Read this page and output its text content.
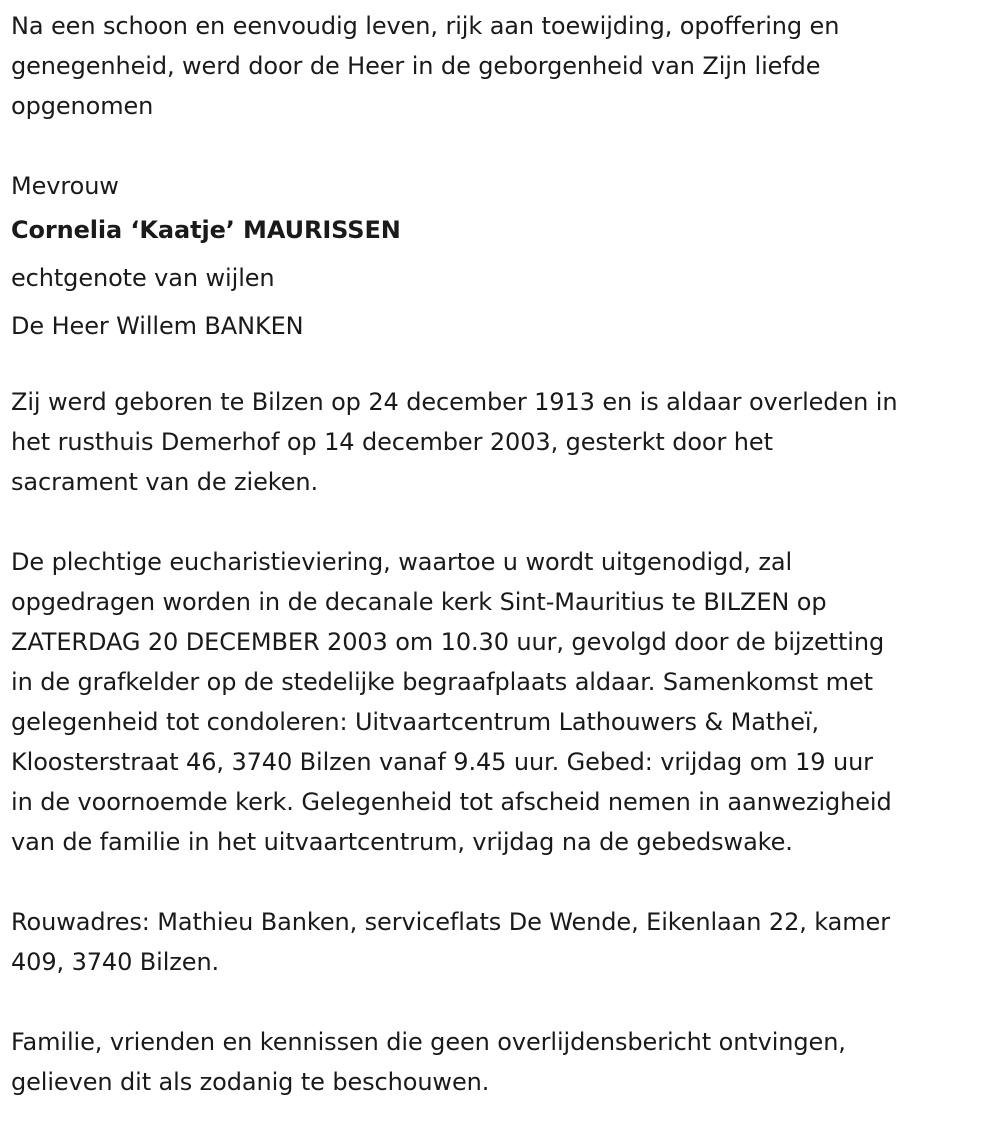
Na een schoon en eenvoudig leven, rijk aan toewijding, opoffering en
genegenheid, werd door de Heer in de geborgenheid van Zijn liefde
opgenomen

Mevrouw

Cornelia ‘Kaatje’ MAURISSEN

echtgenote van wijlen

De Heer Willem BANKEN

Zij werd geboren te Bilzen op 24 december 1913 en is aldaar overleden in
het rusthuis Demerhof op 14 december 2003, gesterkt door het
sacrament van de zieken.

De plechtige eucharistieviering, waartoe u wordt uitgenodigd, zal
opgedragen worden in de decanale kerk Sint-Mauritius te BILZEN op
ZATERDAG 20 DECEMBER 2003 om 10.30 uur, gevolgd door de bijzetting
in de grafkelder op de stedelijke begraafplaats aldaar. Samenkomst met
gelegenheid tot condoleren: Uitvaartcentrum Lathouwers & Matheï,
Kloosterstraat 46, 3740 Bilzen vanaf 9.45 uur. Gebed: vrijdag om 19 uur
in de voornoemde kerk. Gelegenheid tot afscheid nemen in aanwezigheid
van de familie in het uitvaartcentrum, vrijdag na de gebedswake.

Rouwadres: Mathieu Banken, serviceflats De Wende, Eikenlaan 22, kamer
409, 3740 Bilzen.

Familie, vrienden en kennissen die geen overlijdensbericht ontvingen,
gelieven dit als zodanig te beschouwen.
